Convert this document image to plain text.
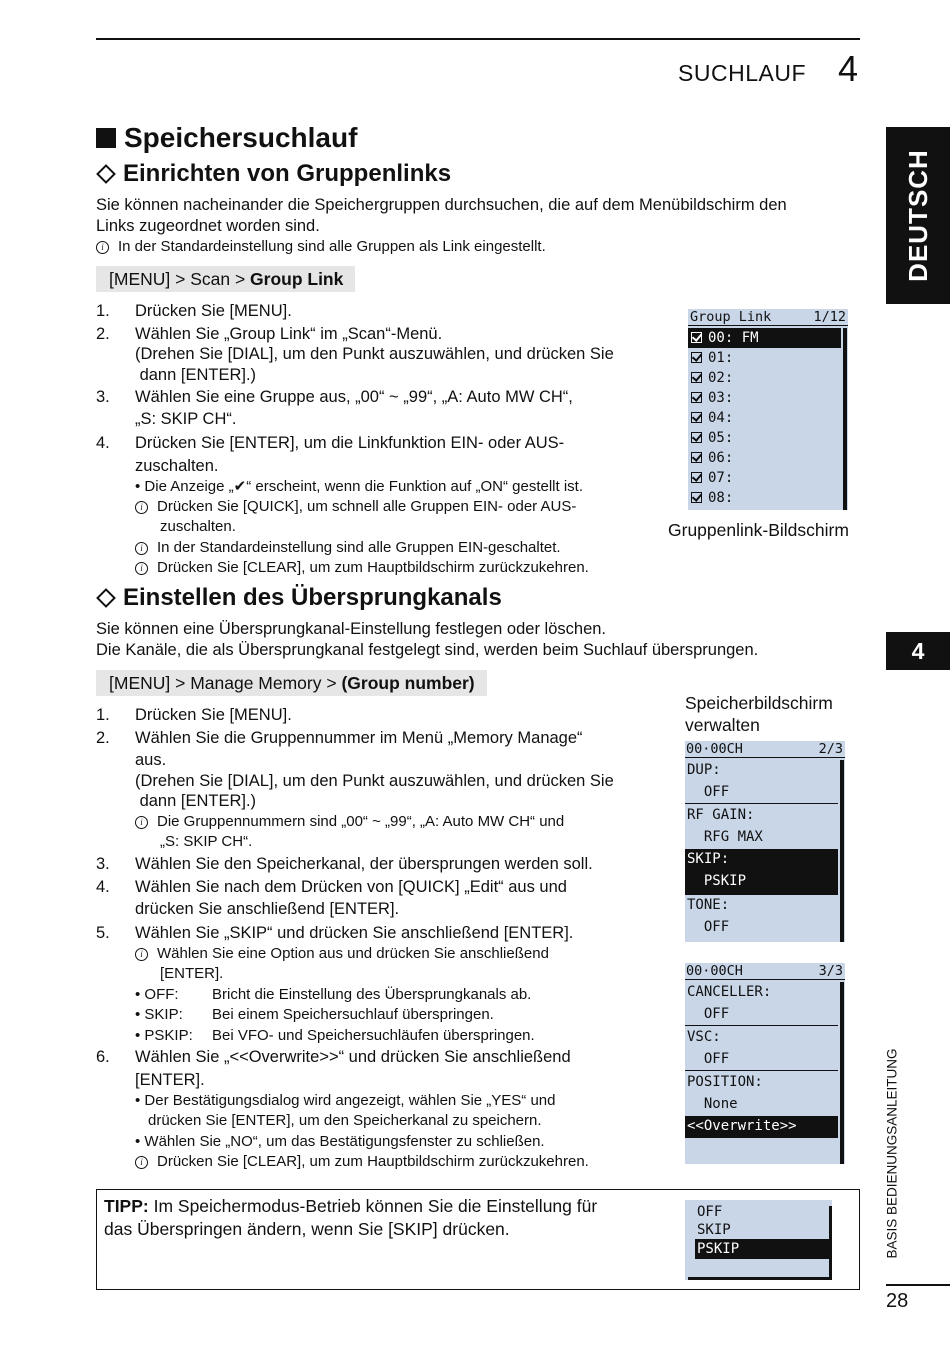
SUCHLAUF 4
DEUTSCH
4
BASIS BEDIENUNGSANLEITUNG
28
Speichersuchlauf
Einrichten von Gruppenlinks
Sie können nacheinander die Speichergruppen durchsuchen, die auf dem Menübildschirm den
Links zugeordnet worden sind.
i In der Standardeinstellung sind alle Gruppen als Link eingestellt.
[MENU] > Scan > Group Link
1. Drücken Sie [MENU].
2. Wählen Sie „Group Link“ im „Scan“-Menü.
(Drehen Sie [DIAL], um den Punkt auszuwählen, und drücken Sie
dann [ENTER].)
3. Wählen Sie eine Gruppe aus, „00“ ~ „99“, „A: Auto MW CH“,
„S: SKIP CH“.
4. Drücken Sie [ENTER], um die Linkfunktion EIN- oder AUS-
zuschalten.
• Die Anzeige „✔“ erscheint, wenn die Funktion auf „ON“ gestellt ist.
i Drücken Sie [QUICK], um schnell alle Gruppen EIN- oder AUS-
zuschalten.
i In der Standardeinstellung sind alle Gruppen EIN-geschaltet.
i Drücken Sie [CLEAR], um zum Hauptbildschirm zurückzukehren.
Group Link	1/12
00: FM
01:
02:
03:
04:
05:
06:
07:
08:
Gruppenlink-Bildschirm
Einstellen des Übersprungkanals
Sie können eine Übersprungkanal-Einstellung festlegen oder löschen.
Die Kanäle, die als Übersprungkanal festgelegt sind, werden beim Suchlauf übersprungen.
[MENU] > Manage Memory > (Group number)
1. Drücken Sie [MENU].
2. Wählen Sie die Gruppennummer im Menü „Memory Manage“
aus.
(Drehen Sie [DIAL], um den Punkt auszuwählen, und drücken Sie
dann [ENTER].)
i Die Gruppennummern sind „00“ ~ „99“, „A: Auto MW CH“ und
„S: SKIP CH“.
3. Wählen Sie den Speicherkanal, der übersprungen werden soll.
4. Wählen Sie nach dem Drücken von [QUICK] „Edit“ aus und
drücken Sie anschließend [ENTER].
5. Wählen Sie „SKIP“ und drücken Sie anschließend [ENTER].
i Wählen Sie eine Option aus und drücken Sie anschließend
[ENTER].
• OFF: Bricht die Einstellung des Übersprungkanals ab.
• SKIP: Bei einem Speichersuchlauf überspringen.
• PSKIP: Bei VFO- und Speichersuchläufen überspringen.
6. Wählen Sie „<<Overwrite>>“ und drücken Sie anschließend
[ENTER].
• Der Bestätigungsdialog wird angezeigt, wählen Sie „YES“ und
drücken Sie [ENTER], um den Speicherkanal zu speichern.
• Wählen Sie „NO“, um das Bestätigungsfenster zu schließen.
i Drücken Sie [CLEAR], um zum Hauptbildschirm zurückzukehren.
Speicherbildschirm
verwalten
00·00CH	2/3
DUP:
OFF
RF GAIN:
RFG MAX
SKIP:
PSKIP
TONE:
OFF
00·00CH	3/3
CANCELLER:
OFF
VSC:
OFF
POSITION:
None
<<Overwrite>>
TIPP: Im Speichermodus-Betrieb können Sie die Einstellung für
das Überspringen ändern, wenn Sie [SKIP] drücken.
OFF
SKIP
PSKIP
